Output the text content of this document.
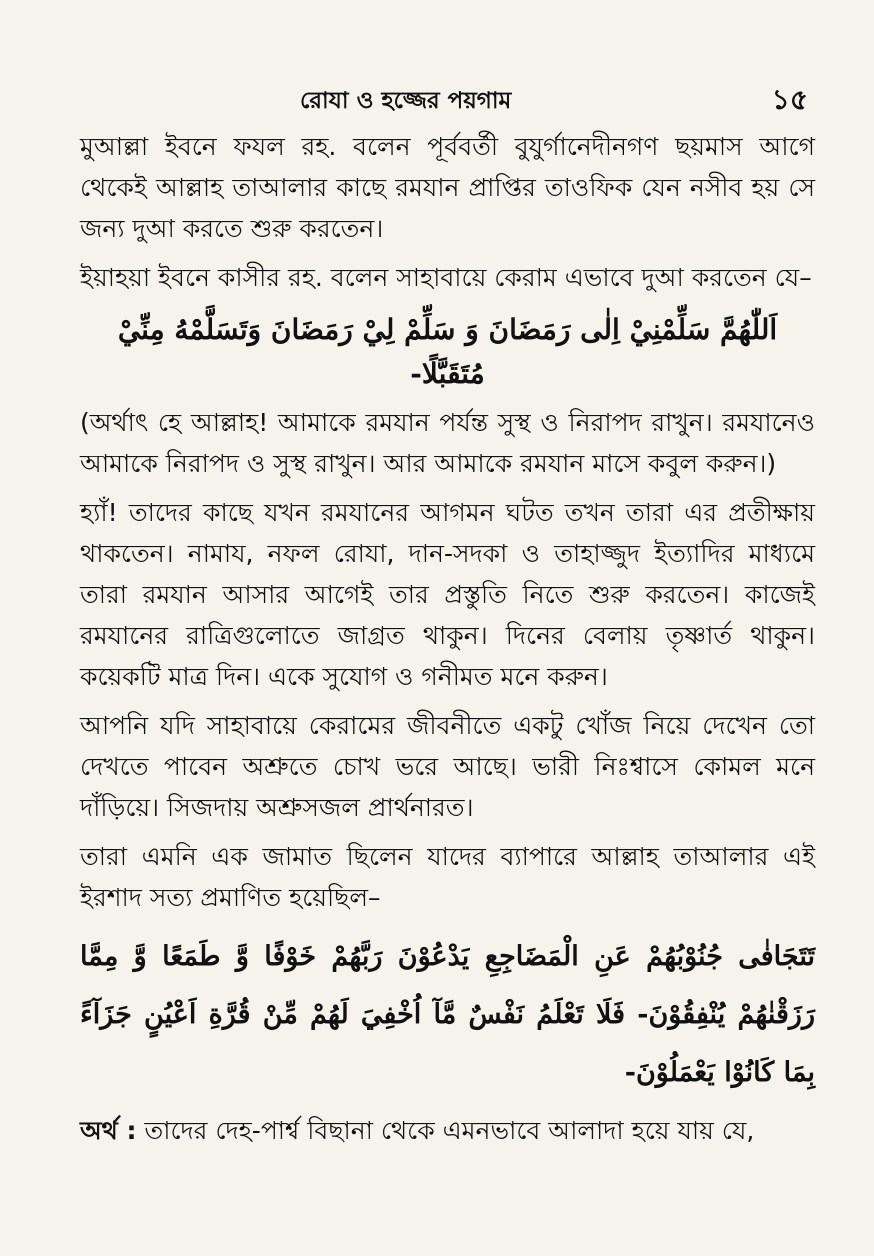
রোযা ও হজ্জের পয়গাম	১৫

মুআল্লা ইবনে ফযল রহ. বলেন পূর্ববর্তী বুযুর্গানেদীনগণ ছয়মাস আগে থেকেই আল্লাহ তাআলার কাছে রমযান প্রাপ্তির তাওফিক যেন নসীব হয় সে জন্য দুআ করতে শুরু করতেন।

ইয়াহয়া ইবনে কাসীর রহ. বলেন সাহাবায়ে কেরাম এভাবে দুআ করতেন যে–

اَللّٰهُمَّ سَلِّمْنِيْ اِلٰى رَمَضَانَ وَ سَلِّمْ لِيْ رَمَضَانَ وَتَسَلَّمْهُ مِنِّيْ مُتَقَبَّلًا-

(অর্থাৎ হে আল্লাহ! আমাকে রমযান পর্যন্ত সুস্থ ও নিরাপদ রাখুন। রমযানেও আমাকে নিরাপদ ও সুস্থ রাখুন। আর আমাকে রমযান মাসে কবুল করুন।)

হ্যাঁ! তাদের কাছে যখন রমযানের আগমন ঘটত তখন তারা এর প্রতীক্ষায় থাকতেন। নামায, নফল রোযা, দান-সদকা ও তাহাজ্জুদ ইত্যাদির মাধ্যমে তারা রমযান আসার আগেই তার প্রস্তুতি নিতে শুরু করতেন। কাজেই রমযানের রাত্রিগুলোতে জাগ্রত থাকুন। দিনের বেলায় তৃষ্ণার্ত থাকুন। কয়েকটি মাত্র দিন। একে সুযোগ ও গনীমত মনে করুন।

আপনি যদি সাহাবায়ে কেরামের জীবনীতে একটু খোঁজ নিয়ে দেখেন তো দেখতে পাবেন অশ্রুতে চোখ ভরে আছে। ভারী নিঃশ্বাসে কোমল মনে দাঁড়িয়ে। সিজদায় অশ্রুসজল প্রার্থনারত।

তারা এমনি এক জামাত ছিলেন যাদের ব্যাপারে আল্লাহ তাআলার এই ইরশাদ সত্য প্রমাণিত হয়েছিল–

تَتَجَافٰى جُنُوْبُهُمْ عَنِ الْمَضَاجِعِ يَدْعُوْنَ رَبَّهُمْ خَوْفًا وَّ طَمَعًا وَّ مِمَّا رَزَقْنٰهُمْ يُنْفِقُوْنَ- فَلَا تَعْلَمُ نَفْسٌ مَّآ اُخْفِيَ لَهُمْ مِّنْ قُرَّةِ اَعْيُنٍ جَزَآءً بِمَا كَانُوْا يَعْمَلُوْنَ-

অর্থ : তাদের দেহ-পার্শ্ব বিছানা থেকে এমনভাবে আলাদা হয়ে যায় যে,
